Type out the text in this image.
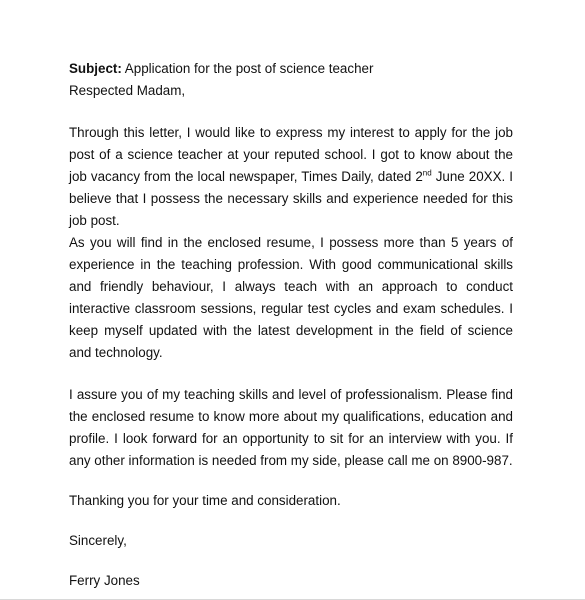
Subject: Application for the post of science teacher

Respected Madam,

Through this letter, I would like to express my interest to apply for the job post of a science teacher at your reputed school. I got to know about the job vacancy from the local newspaper, Times Daily, dated 2nd June 20XX. I believe that I possess the necessary skills and experience needed for this job post.

As you will find in the enclosed resume, I possess more than 5 years of experience in the teaching profession. With good communicational skills and friendly behaviour, I always teach with an approach to conduct interactive classroom sessions, regular test cycles and exam schedules. I keep myself updated with the latest development in the field of science and technology.

I assure you of my teaching skills and level of professionalism. Please find the enclosed resume to know more about my qualifications, education and profile. I look forward for an opportunity to sit for an interview with you. If any other information is needed from my side, please call me on 8900-987.

Thanking you for your time and consideration.

Sincerely,

Ferry Jones
